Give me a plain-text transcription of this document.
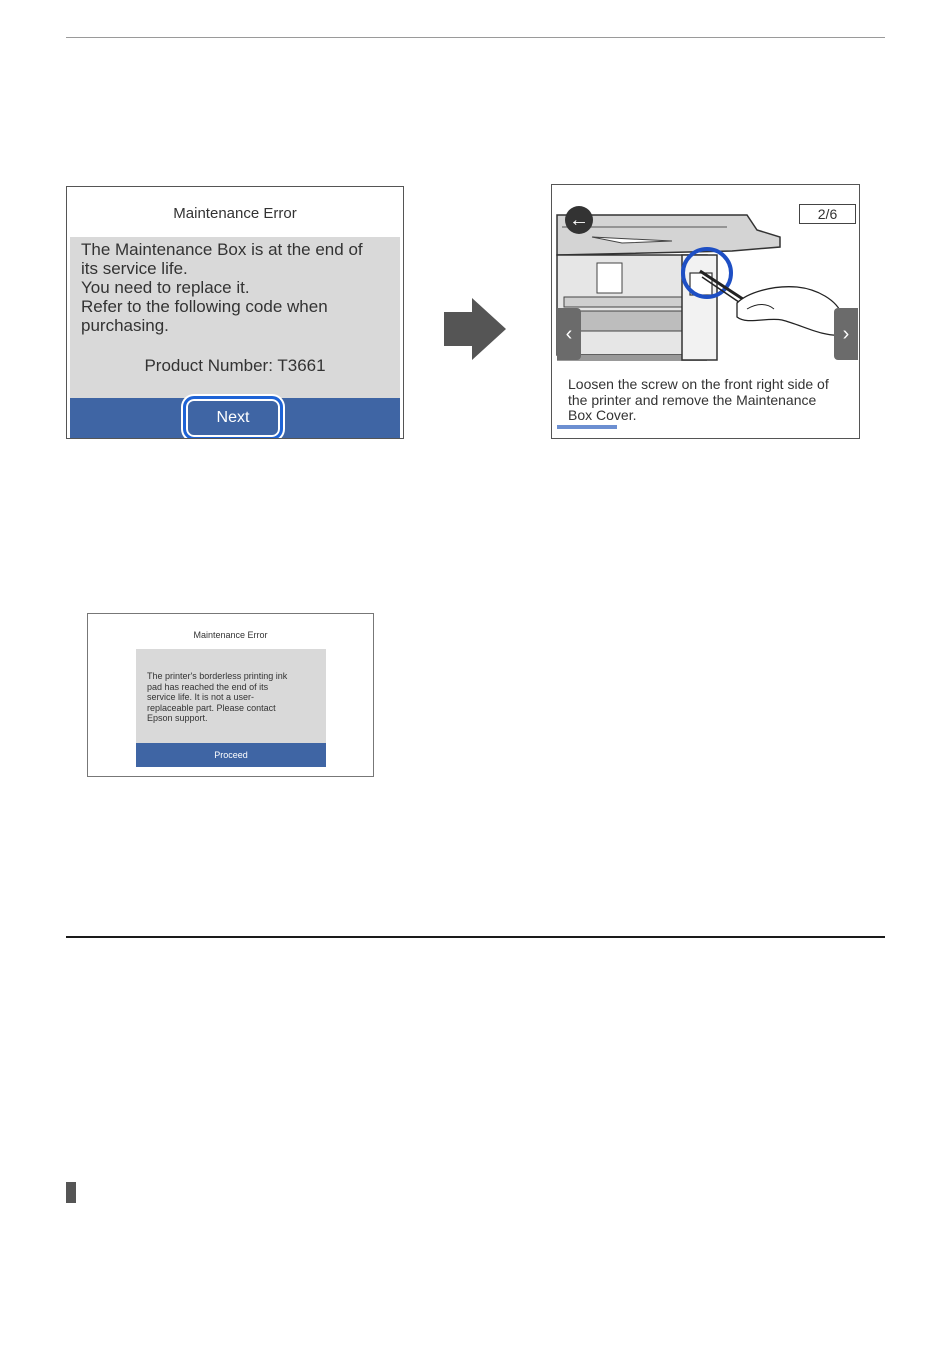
Maintenance Error
The Maintenance Box is at the end of
its service life.
You need to replace it.
Refer to the following code when
purchasing.
Product Number: T3661
Next
←	2/6
‹	›
Loosen the screw on the front right side of
the printer and remove the Maintenance
Box Cover.
Maintenance Error
The printer's borderless printing ink
pad has reached the end of its
service life. It is not a user-
replaceable part. Please contact
Epson support.
Proceed
